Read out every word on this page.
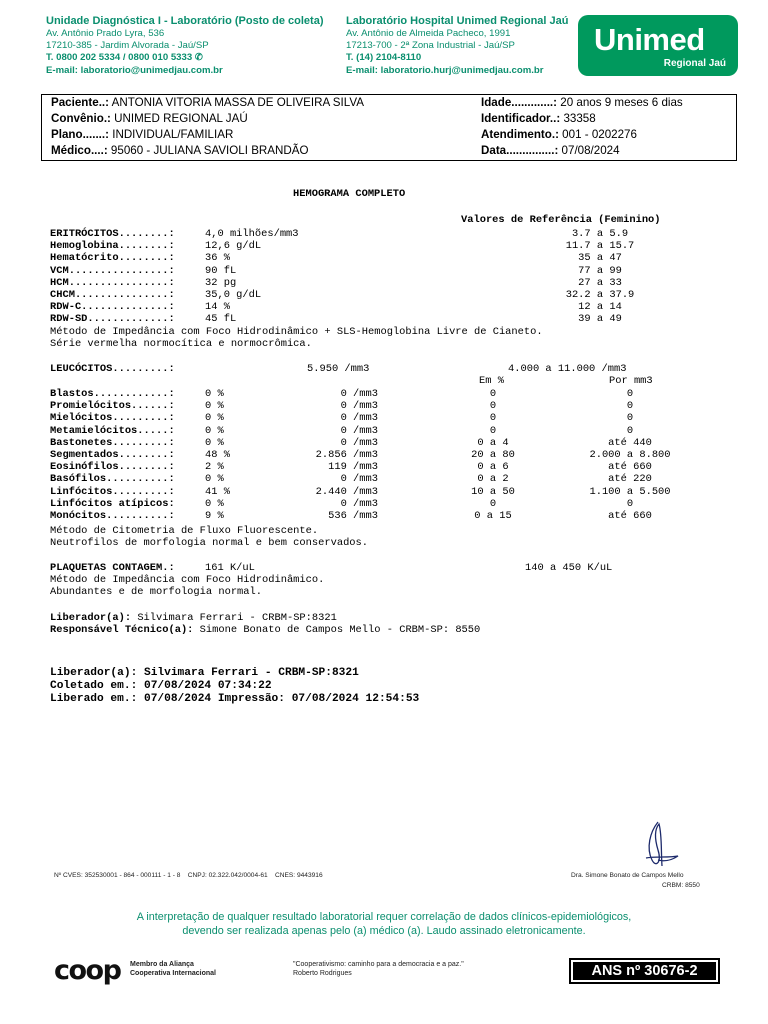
Unidade Diagnóstica I - Laboratório (Posto de coleta)
Av. Antônio Prado Lyra, 536
17210-385 - Jardim Alvorada - Jaú/SP
T. 0800 202 5334 / 0800 010 5333 ✆
E-mail: laboratorio@unimedjau.com.br
Laboratório Hospital Unimed Regional Jaú
Av. Antônio de Almeida Pacheco, 1991
17213-700 - 2ª Zona Industrial - Jaú/SP
T. (14) 2104-8110
E-mail: laboratorio.hurj@unimedjau.com.br
Unimed
Regional Jaú
Paciente..: ANTONIA VITORIA MASSA DE OLIVEIRA SILVA
Convênio.: UNIMED REGIONAL JAÚ
Plano.......: INDIVIDUAL/FAMILIAR
Médico....: 95060 - JULIANA SAVIOLI BRANDÃO
Idade.............: 20 anos 9 meses 6 dias
Identificador..: 33358
Atendimento.: 001 - 0202276
Data...............: 07/08/2024
HEMOGRAMA COMPLETO
Valores de Referência (Feminino)
ERITRÓCITOS........:	4,0 milhões/mm3	3.7 a 5.9
Hemoglobina........:	12,6 g/dL	11.7 a 15.7
Hematócrito........:	36 %	35 a 47
VCM................:	90 fL	77 a 99
HCM................:	32 pg	27 a 33
CHCM...............:	35,0 g/dL	32.2 a 37.9
RDW-C..............:	14 %	12 a 14
RDW-SD.............:	45 fL	39 a 49
Método de Impedância com Foco Hidrodinâmico + SLS-Hemoglobina Livre de Cianeto.
Série vermelha normocítica e normocrômica.
LEUCÓCITOS.........:	5.950 /mm3	4.000 a 11.000 /mm3
Em %	Por mm3
Blastos............:	0 %	0 /mm3	0	0
Promielócitos......:	0 %	0 /mm3	0	0
Mielócitos.........:	0 %	0 /mm3	0	0
Metamielócitos.....:	0 %	0 /mm3	0	0
Bastonetes.........:	0 %	0 /mm3	0 a 4	até 440
Segmentados........:	48 %	2.856 /mm3	20 a 80	2.000 a 8.800
Eosinófilos........:	2 %	119 /mm3	0 a 6	até 660
Basófilos..........:	0 %	0 /mm3	0 a 2	até 220
Linfócitos.........:	41 %	2.440 /mm3	10 a 50	1.100 a 5.500
Linfócitos atípicos:	0 %	0 /mm3	0	0
Monócitos..........:	9 %	536 /mm3	0 a 15	até 660
Método de Citometria de Fluxo Fluorescente.
Neutrofilos de morfologia normal e bem conservados.
PLAQUETAS CONTAGEM.:	161 K/uL	140 a 450 K/uL
Método de Impedância com Foco Hidrodinâmico.
Abundantes e de morfologia normal.
Liberador(a): Silvimara Ferrari - CRBM-SP:8321
Responsável Técnico(a): Simone Bonato de Campos Mello - CRBM-SP: 8550
Liberador(a): Silvimara Ferrari - CRBM-SP:8321
Coletado em.: 07/08/2024 07:34:22
Liberado em.: 07/08/2024 Impressão: 07/08/2024 12:54:53
Dra. Simone Bonato de Campos Mello
CRBM: 8550
Nº CVES: 352530001 - 864 - 000111 - 1 - 8    CNPJ: 02.322.042/0004-61    CNES: 9443916
A interpretação de qualquer resultado laboratorial requer correlação de dados clínicos-epidemiológicos,
devendo ser realizada apenas pelo (a) médico (a). Laudo assinado eletronicamente.
coop Membro da Aliança
Cooperativa Internacional
"Cooperativismo: caminho para a democracia e a paz."
Roberto Rodrigues	ANS nº 30676-2
